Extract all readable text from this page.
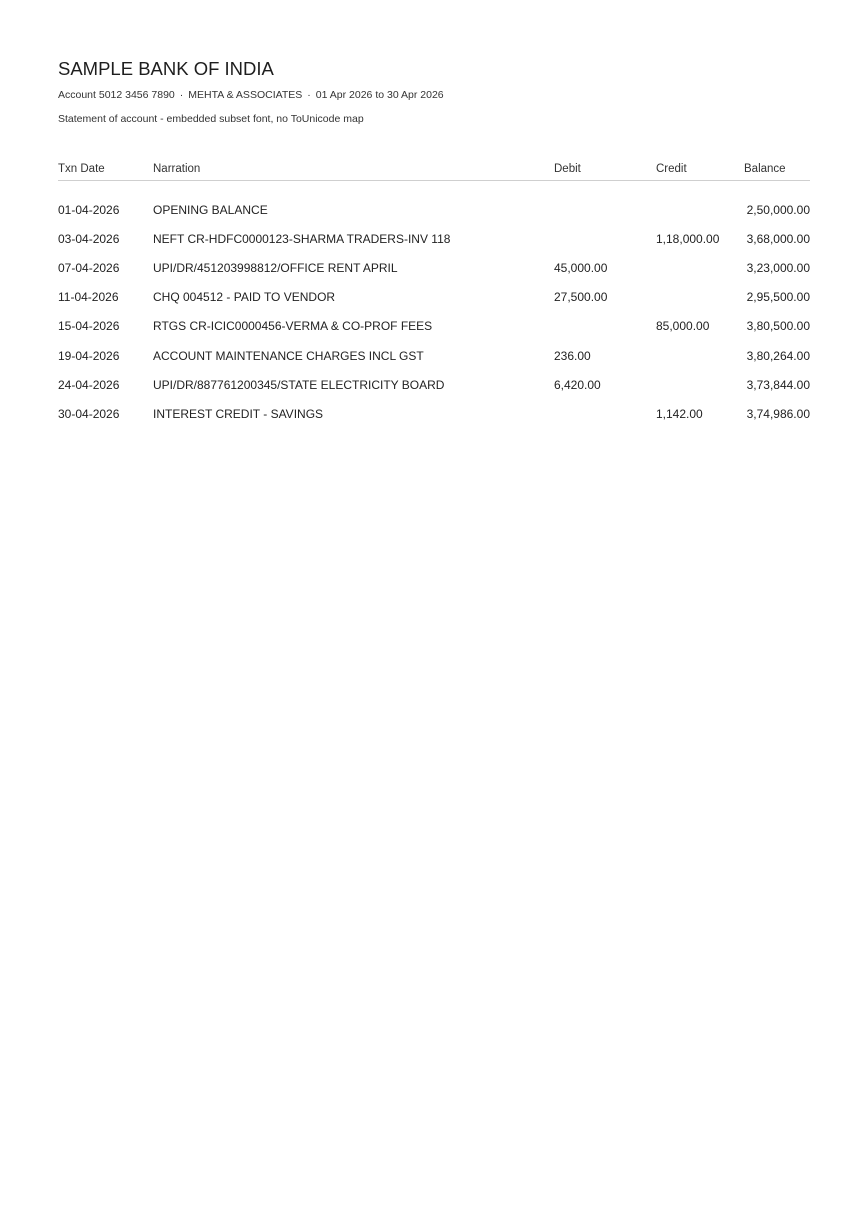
SAMPLE BANK OF INDIA
Account 5012 3456 7890 · MEHTA & ASSOCIATES · 01 Apr 2026 to 30 Apr 2026
Statement of account - embedded subset font, no ToUnicode map
Txn Date	Narration	Debit	Credit	Balance

01-04-2026	OPENING BALANCE			2,50,000.00
03-04-2026	NEFT CR-HDFC0000123-SHARMA TRADERS-INV 118		1,18,000.00	3,68,000.00
07-04-2026	UPI/DR/451203998812/OFFICE RENT APRIL	45,000.00		3,23,000.00
11-04-2026	CHQ 004512 - PAID TO VENDOR	27,500.00		2,95,500.00
15-04-2026	RTGS CR-ICIC0000456-VERMA & CO-PROF FEES		85,000.00	3,80,500.00
19-04-2026	ACCOUNT MAINTENANCE CHARGES INCL GST	236.00		3,80,264.00
24-04-2026	UPI/DR/887761200345/STATE ELECTRICITY BOARD	6,420.00		3,73,844.00
30-04-2026	INTEREST CREDIT - SAVINGS		1,142.00	3,74,986.00
